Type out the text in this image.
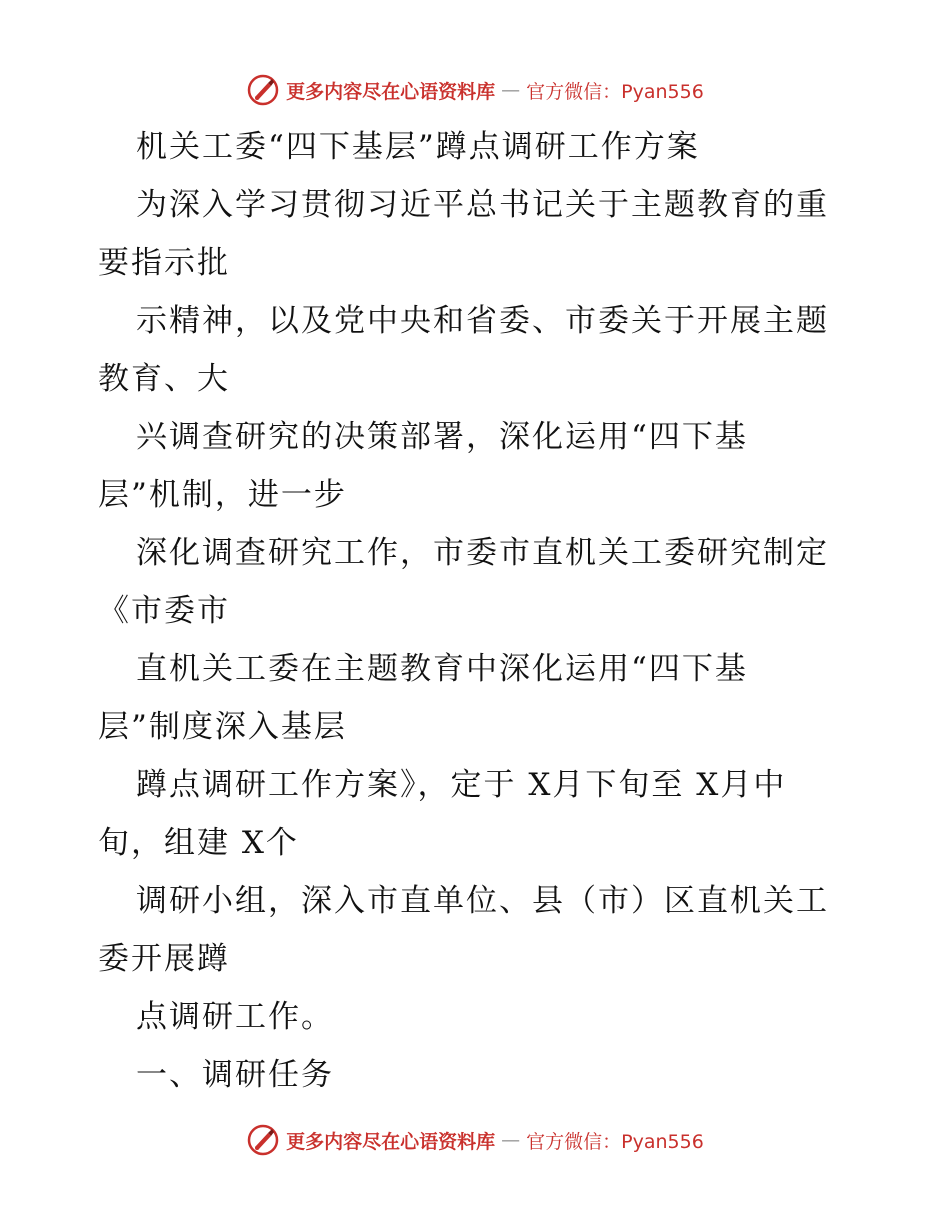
更多内容尽在心语资料库 — 官方微信：Pyan556
机关工委“四下基层”蹲点调研工作方案
为深入学习贯彻习近平总书记关于主题教育的重
要指示批
示精神，以及党中央和省委、市委关于开展主题
教育、大
兴调查研究的决策部署，深化运用“四下基
层”机制，进一步
深化调查研究工作，市委市直机关工委研究制定
《市委市
直机关工委在主题教育中深化运用“四下基
层”制度深入基层
蹲点调研工作方案》，定于 X月下旬至 X月中
旬，组建 X个
调研小组，深入市直单位、县（市）区直机关工
委开展蹲
点调研工作。
一、调研任务
更多内容尽在心语资料库 — 官方微信：Pyan556
